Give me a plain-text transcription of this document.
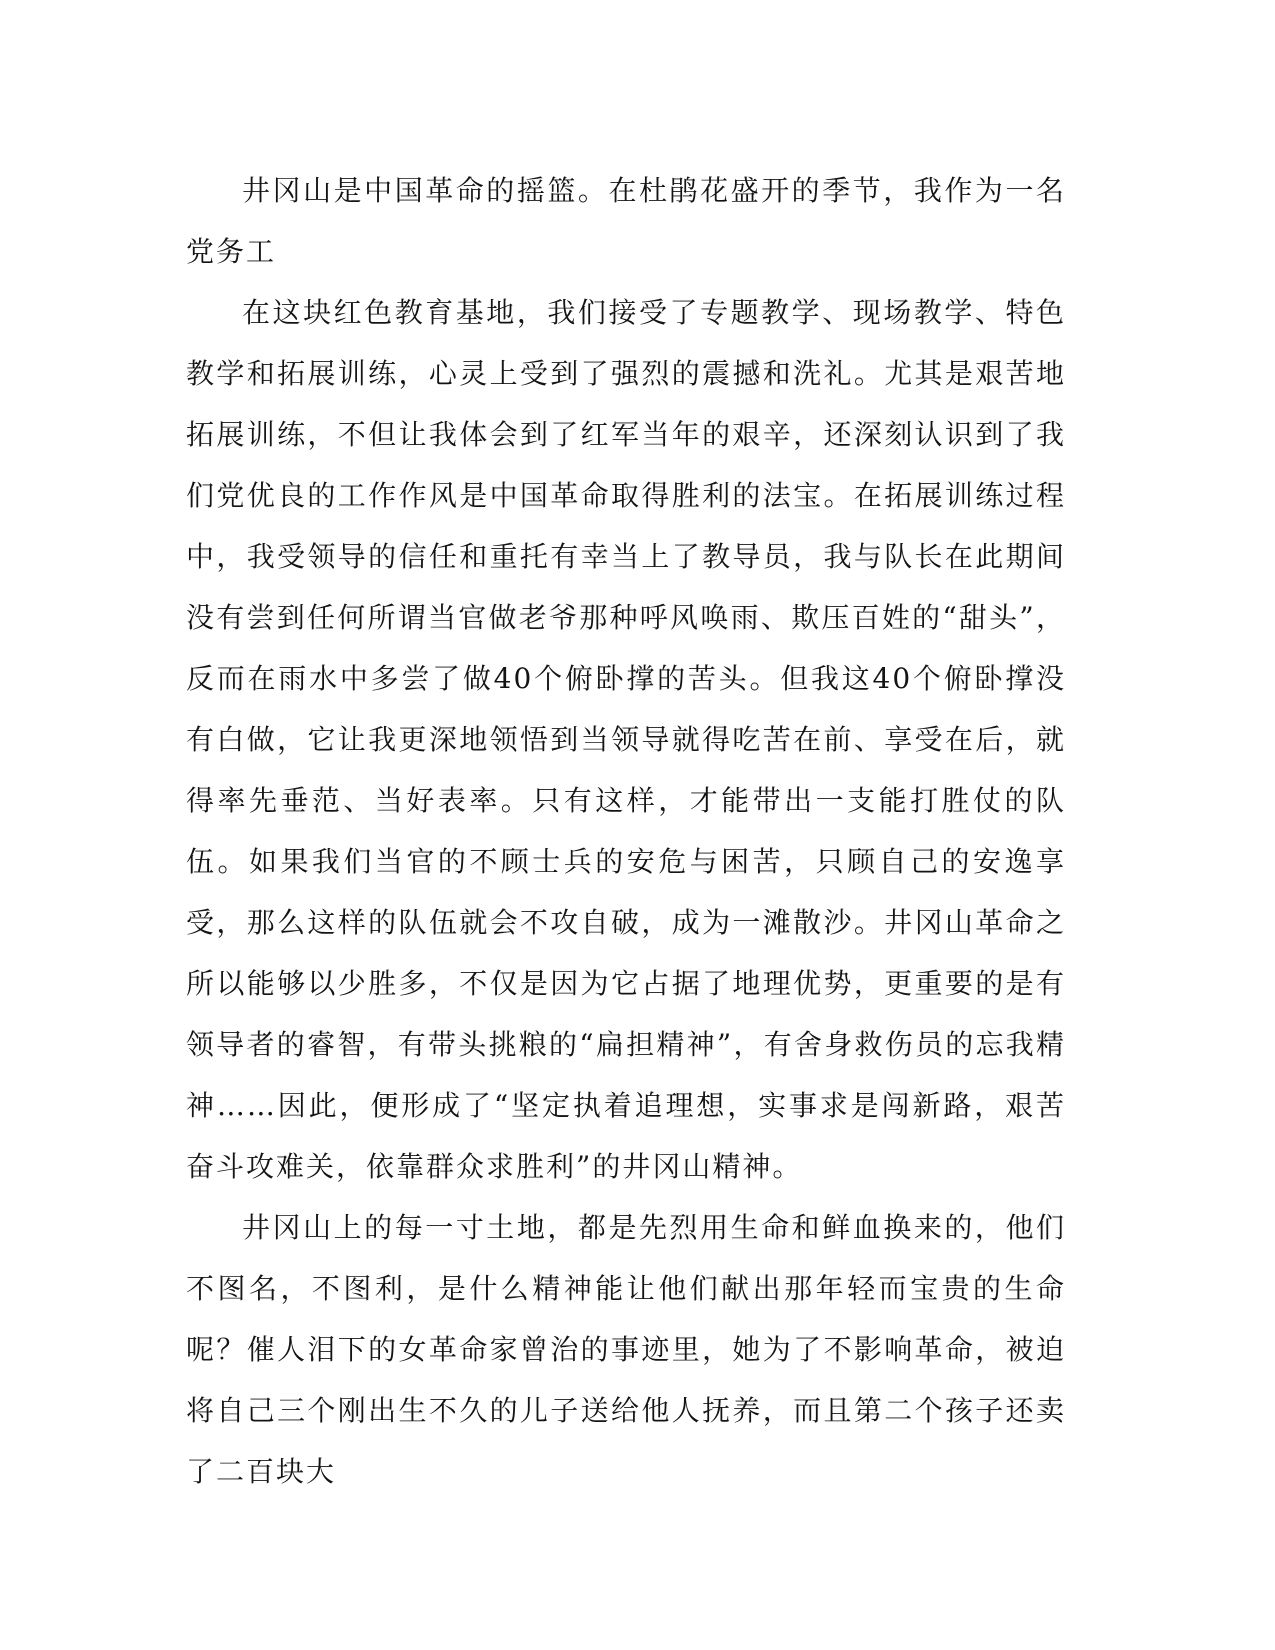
井冈山是中国革命的摇篮。在杜鹃花盛开的季节，我作为一名党务工

在这块红色教育基地，我们接受了专题教学、现场教学、特色教学和拓展训练，心灵上受到了强烈的震撼和洗礼。尤其是艰苦地拓展训练，不但让我体会到了红军当年的艰辛，还深刻认识到了我们党优良的工作作风是中国革命取得胜利的法宝。在拓展训练过程中，我受领导的信任和重托有幸当上了教导员，我与队长在此期间没有尝到任何所谓当官做老爷那种呼风唤雨、欺压百姓的“甜头”，反而在雨水中多尝了做40个俯卧撑的苦头。但我这40个俯卧撑没有白做，它让我更深地领悟到当领导就得吃苦在前、享受在后，就得率先垂范、当好表率。只有这样，才能带出一支能打胜仗的队伍。如果我们当官的不顾士兵的安危与困苦，只顾自己的安逸享受，那么这样的队伍就会不攻自破，成为一滩散沙。井冈山革命之所以能够以少胜多，不仅是因为它占据了地理优势，更重要的是有领导者的睿智，有带头挑粮的“扁担精神”，有舍身救伤员的忘我精神……因此，便形成了“坚定执着追理想，实事求是闯新路，艰苦奋斗攻难关，依靠群众求胜利”的井冈山精神。

井冈山上的每一寸土地，都是先烈用生命和鲜血换来的，他们不图名，不图利，是什么精神能让他们献出那年轻而宝贵的生命呢？催人泪下的女革命家曾治的事迹里，她为了不影响革命，被迫将自己三个刚出生不久的儿子送给他人抚养，而且第二个孩子还卖了二百块大
